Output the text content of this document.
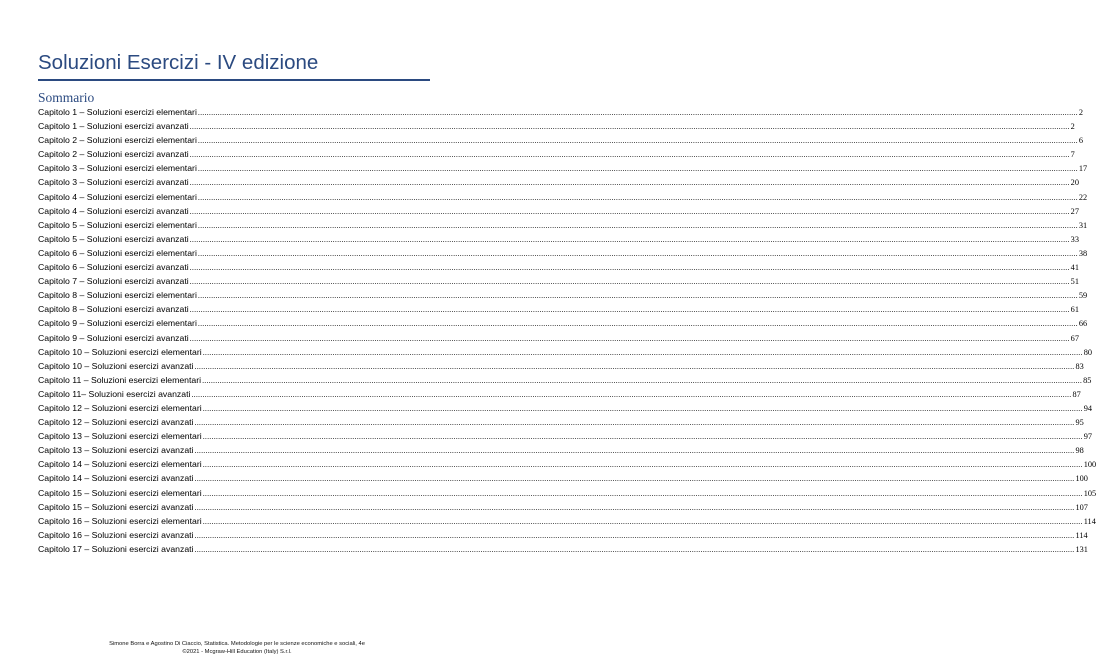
Soluzioni Esercizi - IV edizione
Sommario
Capitolo 1 – Soluzioni esercizi elementari ................................................................................................................................................................................................................................................................................................................................................................................................................ 2
Capitolo 1 – Soluzioni esercizi avanzati ................................................................................................................................................................................................................................................................................................................................................................................................................ 2
Capitolo 2 – Soluzioni esercizi elementari ................................................................................................................................................................................................................................................................................................................................................................................................................ 6
Capitolo 2 – Soluzioni esercizi avanzati ................................................................................................................................................................................................................................................................................................................................................................................................................ 7
Capitolo 3 – Soluzioni esercizi elementari ................................................................................................................................................................................................................................................................................................................................................................................................................ 17
Capitolo 3 – Soluzioni esercizi avanzati ................................................................................................................................................................................................................................................................................................................................................................................................................ 20
Capitolo 4 – Soluzioni esercizi elementari ................................................................................................................................................................................................................................................................................................................................................................................................................ 22
Capitolo 4 – Soluzioni esercizi avanzati ................................................................................................................................................................................................................................................................................................................................................................................................................ 27
Capitolo 5 – Soluzioni esercizi elementari ................................................................................................................................................................................................................................................................................................................................................................................................................ 31
Capitolo 5 – Soluzioni esercizi avanzati ................................................................................................................................................................................................................................................................................................................................................................................................................ 33
Capitolo 6 – Soluzioni esercizi elementari ................................................................................................................................................................................................................................................................................................................................................................................................................ 38
Capitolo 6 – Soluzioni esercizi avanzati ................................................................................................................................................................................................................................................................................................................................................................................................................ 41
Capitolo 7 – Soluzioni esercizi avanzati ................................................................................................................................................................................................................................................................................................................................................................................................................ 51
Capitolo 8 – Soluzioni esercizi elementari ................................................................................................................................................................................................................................................................................................................................................................................................................ 59
Capitolo 8 – Soluzioni esercizi avanzati ................................................................................................................................................................................................................................................................................................................................................................................................................ 61
Capitolo 9 – Soluzioni esercizi elementari ................................................................................................................................................................................................................................................................................................................................................................................................................ 66
Capitolo 9 – Soluzioni esercizi avanzati ................................................................................................................................................................................................................................................................................................................................................................................................................ 67
Capitolo 10 – Soluzioni esercizi elementari ................................................................................................................................................................................................................................................................................................................................................................................................................ 80
Capitolo 10 – Soluzioni esercizi avanzati ................................................................................................................................................................................................................................................................................................................................................................................................................ 83
Capitolo 11 – Soluzioni esercizi elementari ................................................................................................................................................................................................................................................................................................................................................................................................................ 85
Capitolo 11– Soluzioni esercizi avanzati ................................................................................................................................................................................................................................................................................................................................................................................................................ 87
Capitolo 12 – Soluzioni esercizi elementari ................................................................................................................................................................................................................................................................................................................................................................................................................ 94
Capitolo 12 – Soluzioni esercizi avanzati ................................................................................................................................................................................................................................................................................................................................................................................................................ 95
Capitolo 13 – Soluzioni esercizi elementari ................................................................................................................................................................................................................................................................................................................................................................................................................ 97
Capitolo 13 – Soluzioni esercizi avanzati ................................................................................................................................................................................................................................................................................................................................................................................................................ 98
Capitolo 14 – Soluzioni esercizi elementari ................................................................................................................................................................................................................................................................................................................................................................................................................ 100
Capitolo 14 – Soluzioni esercizi avanzati ................................................................................................................................................................................................................................................................................................................................................................................................................ 100
Capitolo 15 – Soluzioni esercizi elementari ................................................................................................................................................................................................................................................................................................................................................................................................................ 105
Capitolo 15 – Soluzioni esercizi avanzati ................................................................................................................................................................................................................................................................................................................................................................................................................ 107
Capitolo 16 – Soluzioni esercizi elementari ................................................................................................................................................................................................................................................................................................................................................................................................................ 114
Capitolo 16 – Soluzioni esercizi avanzati ................................................................................................................................................................................................................................................................................................................................................................................................................ 114
Capitolo 17 – Soluzioni esercizi avanzati ................................................................................................................................................................................................................................................................................................................................................................................................................ 131
Simone Borra e Agostino Di Ciaccio, Statistica. Metodologie per le scienze economiche e sociali, 4e
©2021 - Mcgraw-Hill Education (Italy) S.r.l.
